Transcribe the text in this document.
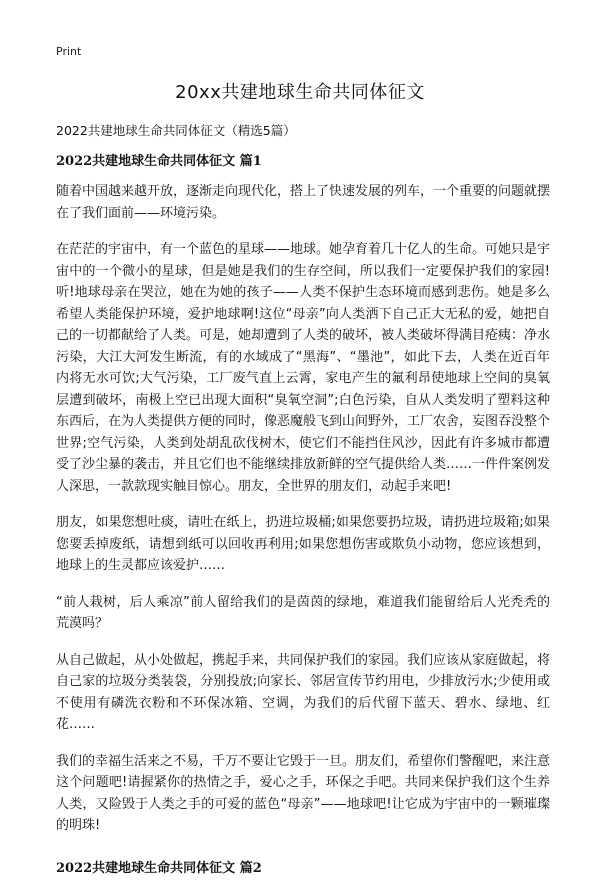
Print
20xx共建地球生命共同体征文

2022共建地球生命共同体征文（精选5篇）

2022共建地球生命共同体征文 篇1

随着中国越来越开放，逐渐走向现代化，搭上了快速发展的列车，一个重要的问题就摆在了我们面前——环境污染。

在茫茫的宇宙中，有一个蓝色的星球——地球。她孕育着几十亿人的生命。可她只是宇宙中的一个微小的星球，但是她是我们的生存空间，所以我们一定要保护我们的家园!听!地球母亲在哭泣，她在为她的孩子——人类不保护生态环境而感到悲伤。她是多么希望人类能保护环境，爱护地球啊!这位“母亲”向人类洒下自己正大无私的爱，她把自己的一切都献给了人类。可是，她却遭到了人类的破坏，被人类破坏得满目疮痍：净水污染，大江大河发生断流，有的水域成了“黑海”、“墨池”，如此下去，人类在近百年内将无水可饮;大气污染，工厂废气直上云霄，家电产生的氟利昂使地球上空间的臭氧层遭到破坏，南极上空已出现大面积“臭氧空洞”;白色污染，自从人类发明了塑料这种东西后，在为人类提供方便的同时，像恶魔般飞到山间野外，工厂农舍，妄图吞没整个世界;空气污染，人类到处胡乱砍伐树木，使它们不能挡住风沙，因此有许多城市都遭受了沙尘暴的袭击，并且它们也不能继续排放新鲜的空气提供给人类……一件件案例发人深思，一款款现实触目惊心。朋友，全世界的朋友们，动起手来吧!

朋友，如果您想吐痰，请吐在纸上，扔进垃圾桶;如果您要扔垃圾，请扔进垃圾箱;如果您要丢掉废纸，请想到纸可以回收再利用;如果您想伤害或欺负小动物，您应该想到，地球上的生灵都应该爱护……

“前人栽树，后人乘凉”前人留给我们的是茵茵的绿地，难道我们能留给后人光秃秃的荒漠吗？

从自己做起，从小处做起，携起手来，共同保护我们的家园。我们应该从家庭做起，将自己家的垃圾分类装袋，分别投放;向家长、邻居宣传节约用电，少排放污水;少使用或不使用有磷洗衣粉和不环保冰箱、空调，为我们的后代留下蓝天、碧水、绿地、红花……

我们的幸福生活来之不易，千万不要让它毁于一旦。朋友们，希望你们警醒吧，来注意这个问题吧!请握紧你的热情之手，爱心之手，环保之手吧。共同来保护我们这个生养人类，又险毁于人类之手的可爱的蓝色“母亲”——地球吧!让它成为宇宙中的一颗璀璨的明珠!

2022共建地球生命共同体征文 篇2
